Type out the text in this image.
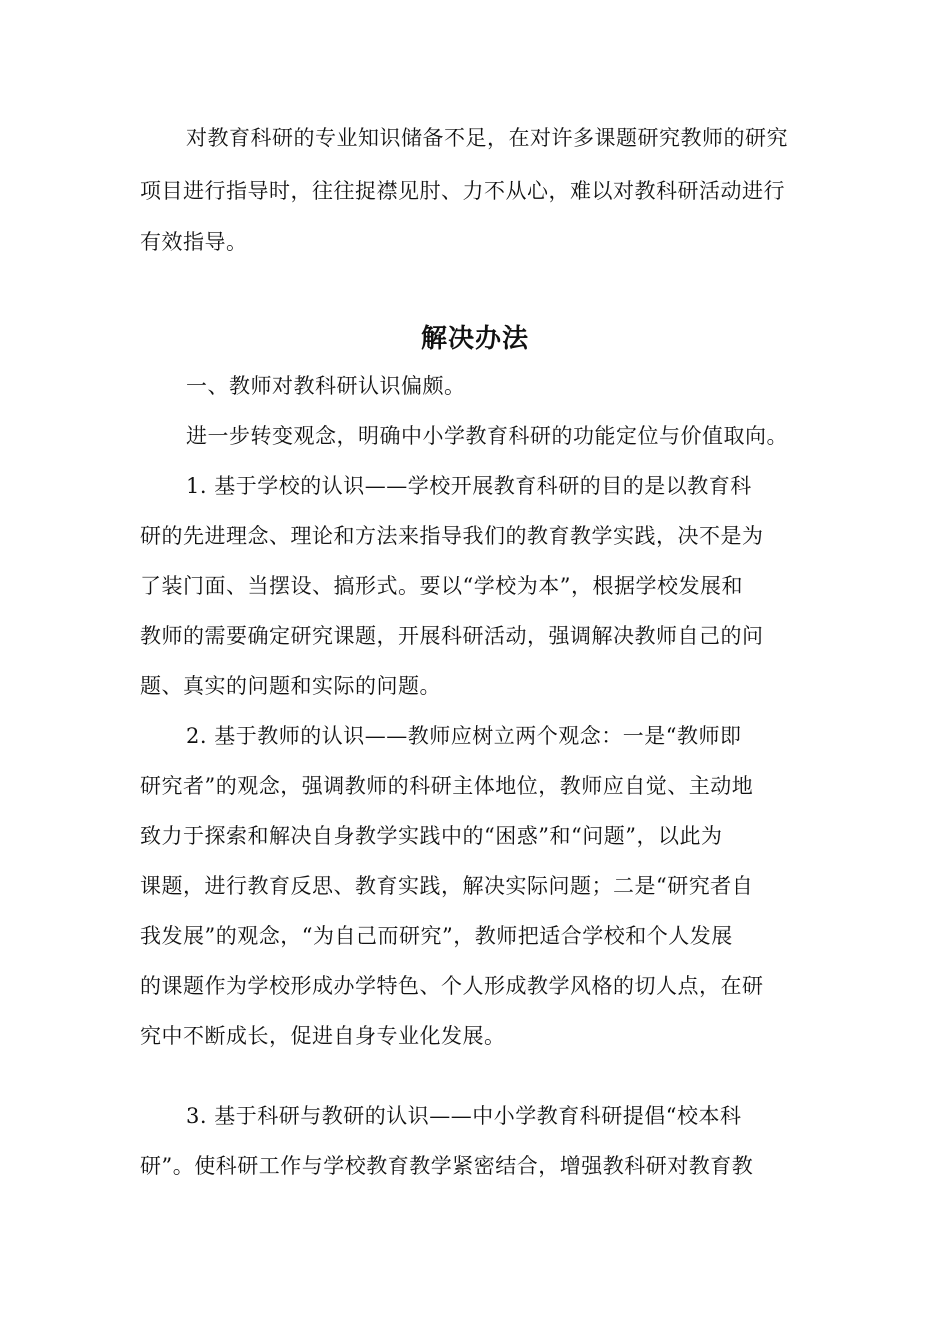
对教育科研的专业知识储备不足，在对许多课题研究教师的研究
项目进行指导时，往往捉襟见肘、力不从心，难以对教科研活动进行
有效指导。
解决办法
一、教师对教科研认识偏颇。
进一步转变观念，明确中小学教育科研的功能定位与价值取向。
1. 基于学校的认识——学校开展教育科研的目的是以教育科
研的先进理念、理论和方法来指导我们的教育教学实践，决不是为
了装门面、当摆设、搞形式。要以“学校为本”，根据学校发展和
教师的需要确定研究课题，开展科研活动，强调解决教师自己的问
题、真实的问题和实际的问题。
2. 基于教师的认识——教师应树立两个观念：一是“教师即
研究者”的观念，强调教师的科研主体地位，教师应自觉、主动地
致力于探索和解决自身教学实践中的“困惑”和“问题”，以此为
课题，进行教育反思、教育实践，解决实际问题；二是“研究者自
我发展”的观念，“为自己而研究”，教师把适合学校和个人发展
的课题作为学校形成办学特色、个人形成教学风格的切人点，在研
究中不断成长，促进自身专业化发展。
3. 基于科研与教研的认识——中小学教育科研提倡“校本科
研”。使科研工作与学校教育教学紧密结合，增强教科研对教育教
